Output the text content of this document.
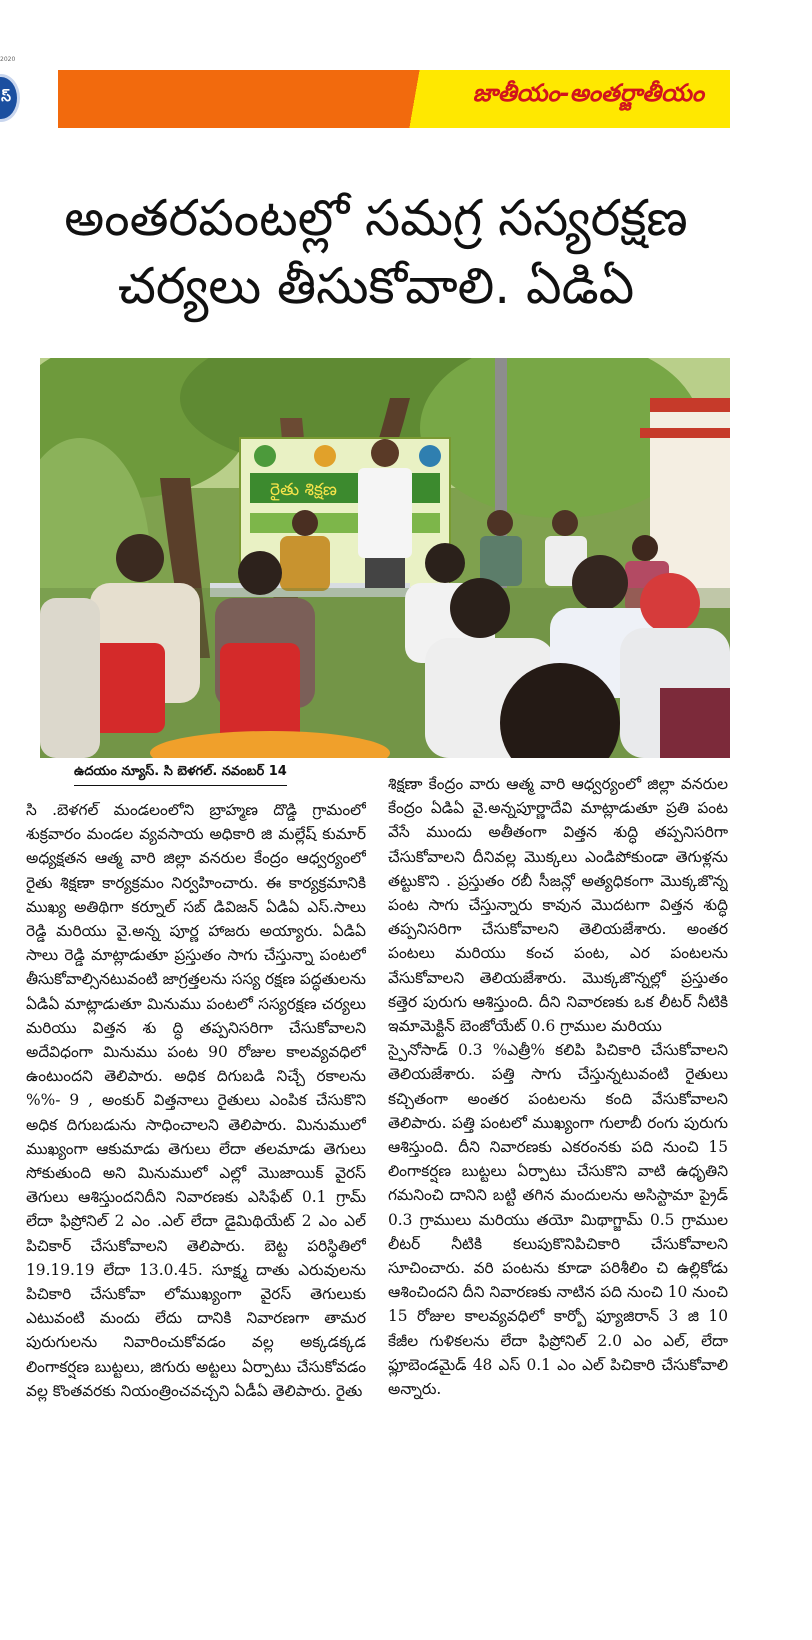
2020
స్	జాతీయం-అంతర్జాతీయం
అంతరపంటల్లో సమగ్ర సస్యరక్షణ
చర్యలు తీసుకోవాలి. ఏడిఏ
రైతు శిక్షణ
ఉదయం న్యూస్. సి బెళగల్. నవంబర్ 14

సి .బెళగల్ మండలంలోని బ్రాహ్మణ దొడ్డి గ్రామంలో శుక్రవారం మండల వ్యవసాయ అధికారి జి మల్లేష్ కుమార్ అధ్యక్షతన ఆత్మ వారి జిల్లా వనరుల కేంద్రం ఆధ్వర్యంలో రైతు శిక్షణా కార్యక్రమం నిర్వహించారు. ఈ కార్యక్రమానికి ముఖ్య అతిథిగా కర్నూల్ సబ్ డివిజన్ ఏడిఏ ఎస్.సాలు రెడ్డి మరియు వై.అన్న పూర్ణ హాజరు అయ్యారు. ఏడిఏ సాలు రెడ్డి మాట్లాడుతూ ప్రస్తుతం సాగు చేస్తున్నా పంటలో తీసుకోవాల్సినటువంటి జాగ్రత్తలను సస్య రక్షణ పద్ధతులను ఏడిఏ మాట్లాడుతూ మినుము పంటలో సస్యరక్షణ చర్యలు మరియు విత్తన శు ద్ధి తప్పనిసరిగా చేసుకోవాలని అదేవిధంగా మినుము పంట 90 రోజుల కాలవ్యవధిలో ఉంటుందని తెలిపారు. అధిక దిగుబడి నిచ్చే రకాలను %%- 9 , అంకుర్ విత్తనాలు రైతులు ఎంపిక చేసుకొని అధిక దిగుబడును సాధించాలని తెలిపారు. మినుములో ముఖ్యంగా ఆకుమాడు తెగులు లేదా తలమాడు తెగులు సోకుతుంది అని మినుములో ఎల్లో మొజాయిక్ వైరస్ తెగులు ఆశిస్తుందనిదీని నివారణకు ఎసిఫేట్ 0.1 గ్రామ్ లేదా ఫిప్రోనిల్ 2 ఎం .ఎల్ లేదా డైమిథియేట్ 2 ఎం ఎల్ పిచికార్ చేసుకోవాలని తెలిపారు. బెట్ట పరిస్థితిలో 19.19.19 లేదా 13.0.45. సూక్ష్మ దాతు ఎరువులను పిచికారి చేసుకోవా లోముఖ్యంగా వైరస్ తెగులుకు ఎటువంటి మందు లేదు దానికి నివారణగా తామర పురుగులను నివారించుకోవడం వల్ల అక్కడక్కడ లింగాకర్షణ బుట్టలు, జిగురు అట్టలు ఏర్పాటు చేసుకోవడం వల్ల కొంతవరకు నియంత్రించవచ్చని ఏడీఏ తెలిపారు. రైతు

శిక్షణా కేంద్రం వారు ఆత్మ వారి ఆధ్వర్యంలో జిల్లా వనరుల కేంద్రం ఏడిఏ వై.అన్నపూర్ణాదేవి మాట్లాడుతూ ప్రతి పంట వేసే ముందు అతీతంగా విత్తన శుద్ధి తప్పనిసరిగా చేసుకోవాలని దీనివల్ల మొక్కలు ఎండిపోకుండా తెగుళ్లను తట్టుకొని . ప్రస్తుతం రబీ సీజన్లో అత్యధికంగా మొక్కజొన్న పంట సాగు చేస్తున్నారు కావున మొదటగా విత్తన శుద్ధి తప్పనిసరిగా చేసుకోవాలని తెలియజేశారు. అంతర పంటలు మరియు కంచ పంట, ఎర పంటలను వేసుకోవాలని తెలియజేశారు. మొక్కజొన్నల్లో ప్రస్తుతం కత్తెర పురుగు ఆశిస్తుంది. దీని నివారణకు ఒక లీటర్ నీటికి ఇమామెక్టిన్ బెంజోయేట్ 0.6 గ్రాముల మరియు

స్పైనోసాడ్ 0.3 %ఎత్రీ% కలిపి పిచికారి చేసుకోవాలని తెలియజేశారు. పత్తి సాగు చేస్తున్నటువంటి రైతులు కచ్చితంగా అంతర పంటలను కంది వేసుకోవాలని తెలిపారు. పత్తి పంటలో ముఖ్యంగా గులాబీ రంగు పురుగు ఆశిస్తుంది. దీని నివారణకు ఎకరంనకు పది నుంచి 15 లింగాకర్షణ బుట్టలు ఏర్పాటు చేసుకొని వాటి ఉధృతిని గమనించి దానిని బట్టి తగిన మందులను అసిస్టామా ప్రైడ్ 0.3 గ్రాములు మరియు తయో మిథాగ్జామ్ 0.5 గ్రాముల లీటర్ నీటికి కలుపుకొనిపిచికారి చేసుకోవాలని సూచించారు. వరి పంటను కూడా పరిశీలిం చి ఉల్లికోడు ఆశించిందని దీని నివారణకు నాటిన పది నుంచి 10 నుంచి 15 రోజుల కాలవ్యవధిలో కార్బో ఫ్యూజిరాన్ 3 జి 10 కేజీల గుళికలను లేదా ఫిప్రోనిల్ 2.0 ఎం ఎల్, లేదా ఫ్లూబెండమైడ్ 48 ఎస్ 0.1 ఎం ఎల్ పిచికారి చేసుకోవాలి అన్నారు.
